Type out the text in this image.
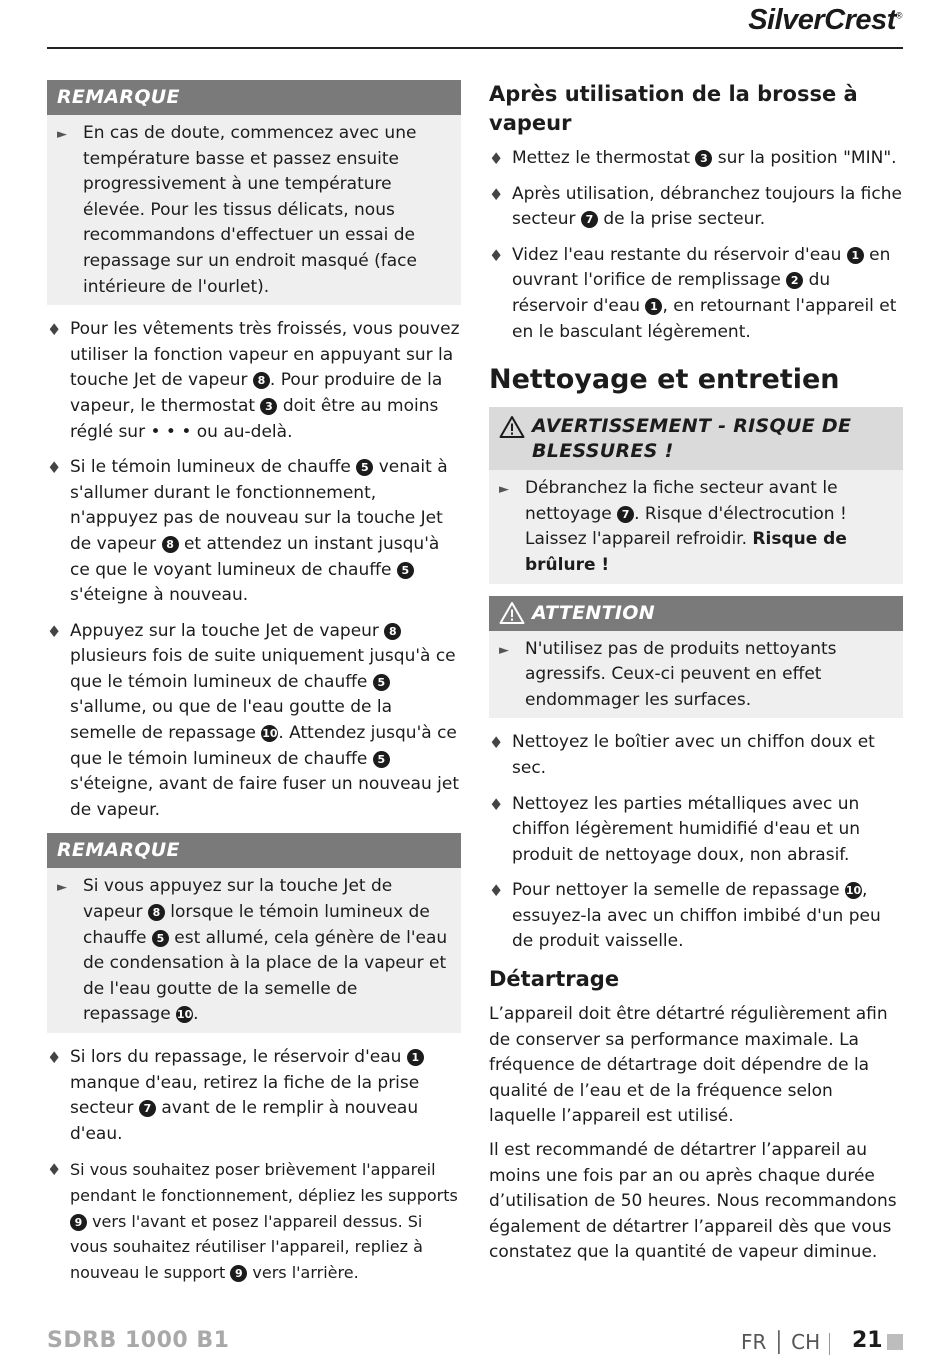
SilverCrest®
REMARQUE
► En cas de doute, commencez avec une température basse et passez ensuite progressivement à une température élevée. Pour les tissus délicats, nous recommandons d'effectuer un essai de repassage sur un endroit masqué (face intérieure de l'ourlet).
♦ Pour les vêtements très froissés, vous pouvez utiliser la fonction vapeur en appuyant sur la touche Jet de vapeur 8 . Pour produire de la vapeur, le thermostat 3 doit être au moins réglé sur • • • ou au-delà.
♦ Si le témoin lumineux de chauffe 5 venait à s'allumer durant le fonctionnement, n'appuyez pas de nouveau sur la touche Jet de vapeur 8 et attendez un instant jusqu'à ce que le voyant lumineux de chauffe 5 s'éteigne à nouveau.
♦ Appuyez sur la touche Jet de vapeur 8 plusieurs fois de suite uniquement jusqu'à ce que le témoin lumineux de chauffe 5 s'allume, ou que de l'eau goutte de la semelle de repassage 10. Attendez jusqu'à ce que le témoin lumineux de chauffe 5 s'éteigne, avant de faire fuser un nouveau jet de vapeur.
REMARQUE
► Si vous appuyez sur la touche Jet de vapeur 8 lorsque le témoin lumineux de chauffe 5 est allumé, cela génère de l'eau de condensation à la place de la vapeur et de l'eau goutte de la semelle de repassage 10.
♦ Si lors du repassage, le réservoir d'eau 1 manque d'eau, retirez la fiche de la prise secteur 7 avant de le remplir à nouveau d'eau.
♦ Si vous souhaitez poser brièvement l'appareil pendant le fonctionnement, dépliez les supports 9 vers l'avant et posez l'appareil dessus. Si vous souhaitez réutiliser l'appareil, repliez à nouveau le support 9 vers l'arrière.
Après utilisation de la brosse à vapeur
♦ Mettez le thermostat 3 sur la position "MIN".
♦ Après utilisation, débranchez toujours la fiche secteur 7 de la prise secteur.
♦ Videz l'eau restante du réservoir d'eau 1 en ouvrant l'orifice de remplissage 2 du réservoir d'eau 1 , en retournant l'appareil et en le basculant légèrement.
Nettoyage et entretien
AVERTISSEMENT - RISQUE DE BLESSURES !
► Débranchez la fiche secteur avant le nettoyage 7 . Risque d'électrocution ! Laissez l'appareil refroidir. Risque de brûlure !
ATTENTION
► N'utilisez pas de produits nettoyants agressifs. Ceux-ci peuvent en effet endommager les surfaces.
♦ Nettoyez le boîtier avec un chiffon doux et sec.
♦ Nettoyez les parties métalliques avec un chiffon légèrement humidifié d'eau et un produit de nettoyage doux, non abrasif.
♦ Pour nettoyer la semelle de repassage 10, essuyez-la avec un chiffon imbibé d'un peu de produit vaisselle.
Détartrage

L’appareil doit être détartré régulièrement afin de conserver sa performance maximale. La fréquence de détartrage doit dépendre de la qualité de l’eau et de la fréquence selon laquelle l’appareil est utilisé.

Il est recommandé de détartrer l’appareil au moins une fois par an ou après chaque durée d’utilisation de 50 heures. Nous recommandons également de détartrer l’appareil dès que vous constatez que la quantité de vapeur diminue.

SDRB 1000 B1	FR │ CH 21
